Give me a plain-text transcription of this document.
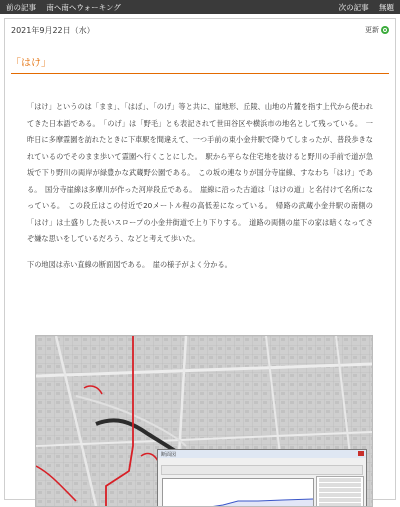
前の記事 南へ南へウォーキング	次の記事 無題
2021年9月22日（水）	更新
「はけ」

「はけ」というのは「まま」、「はば」、「のげ」等と共に、崖地形、丘陵、山地の片麓を指す上代から使われてきた日本語である。　「のげ」は「野毛」とも表記されて世田谷区や横浜市の地名として残っている。　一昨日に多摩霊園を訪れたときに下車駅を間違えて、一つ手前の東小金井駅で降りてしまったが、普段歩きなれているのでそのまま歩いて霊園へ行くことにした。　駅から平らな住宅地を抜けると野川の手前で道が急坂で下り野川の両岸が緑豊かな武蔵野公園である。　この坂の連なりが国分寺崖線、すなわち「はけ」である。　国分寺崖線は多摩川が作った河岸段丘である。　崖線に沿った古道は「はけの道」と名付けて名所になっている。　この段丘はこの付近で20メートル程の高低差になっている。　帰路の武蔵小金井駅の南側の「はけ」は土盛りした長いスロープの小金井街道で上り下りする。　道路の両側の崖下の家は暗くなってさぞ嫌な思いをしているだろう、などと考えて歩いた。

下の地図は赤い直線の断面図である。　崖の様子がよく分かる。

断面図
